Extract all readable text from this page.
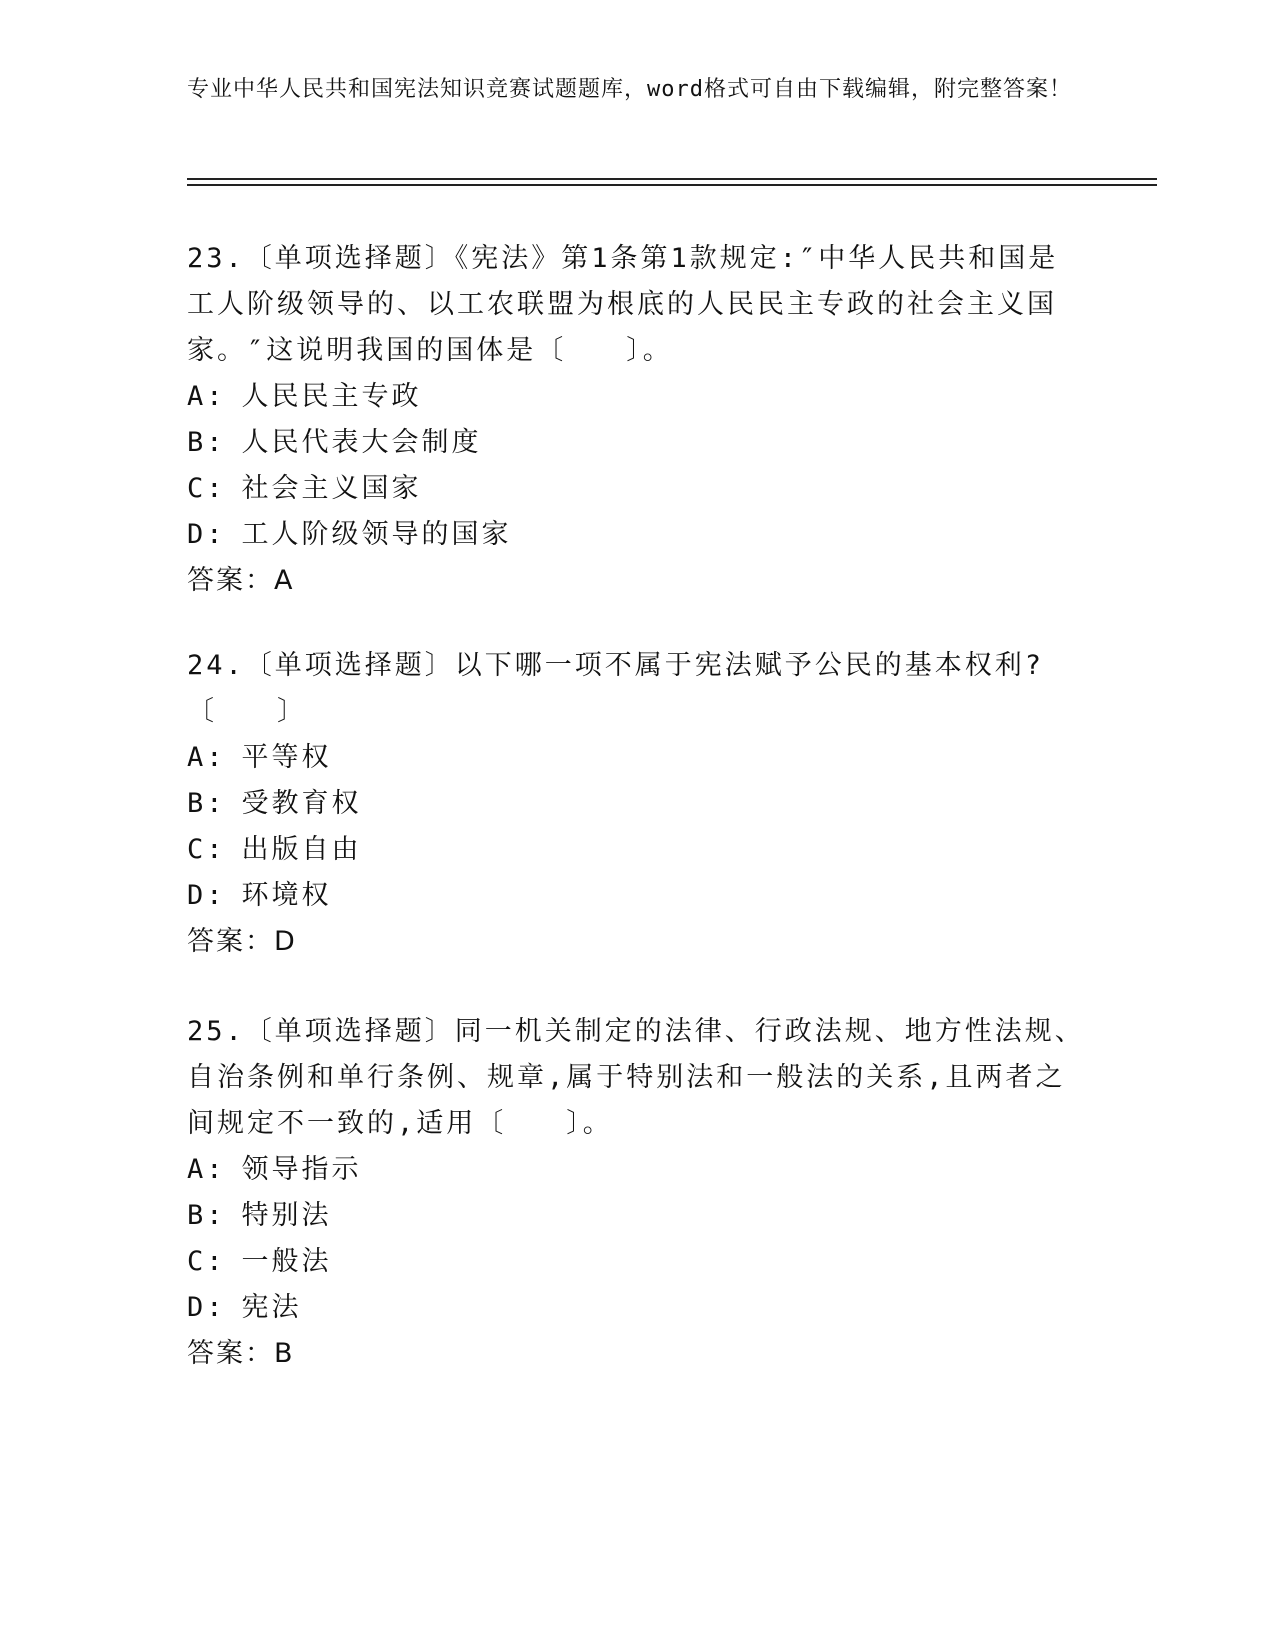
专业中华人民共和国宪法知识竞赛试题题库，word格式可自由下载编辑，附完整答案！

23.〔单项选择题〕《宪法》第1条第1款规定:″中华人民共和国是工人阶级领导的、以工农联盟为根底的人民民主专政的社会主义国家。″这说明我国的国体是〔　　〕。

A: 人民民主专政

B: 人民代表大会制度

C: 社会主义国家

D: 工人阶级领导的国家

答案：A

24.〔单项选择题〕以下哪一项不属于宪法赋予公民的基本权利?〔　　〕

A: 平等权

B: 受教育权

C: 出版自由

D: 环境权

答案：D

25.〔单项选择题〕同一机关制定的法律、行政法规、地方性法规、自治条例和单行条例、规章,属于特别法和一般法的关系,且两者之间规定不一致的,适用〔　　〕。

A: 领导指示

B: 特别法

C: 一般法

D: 宪法

答案：B
